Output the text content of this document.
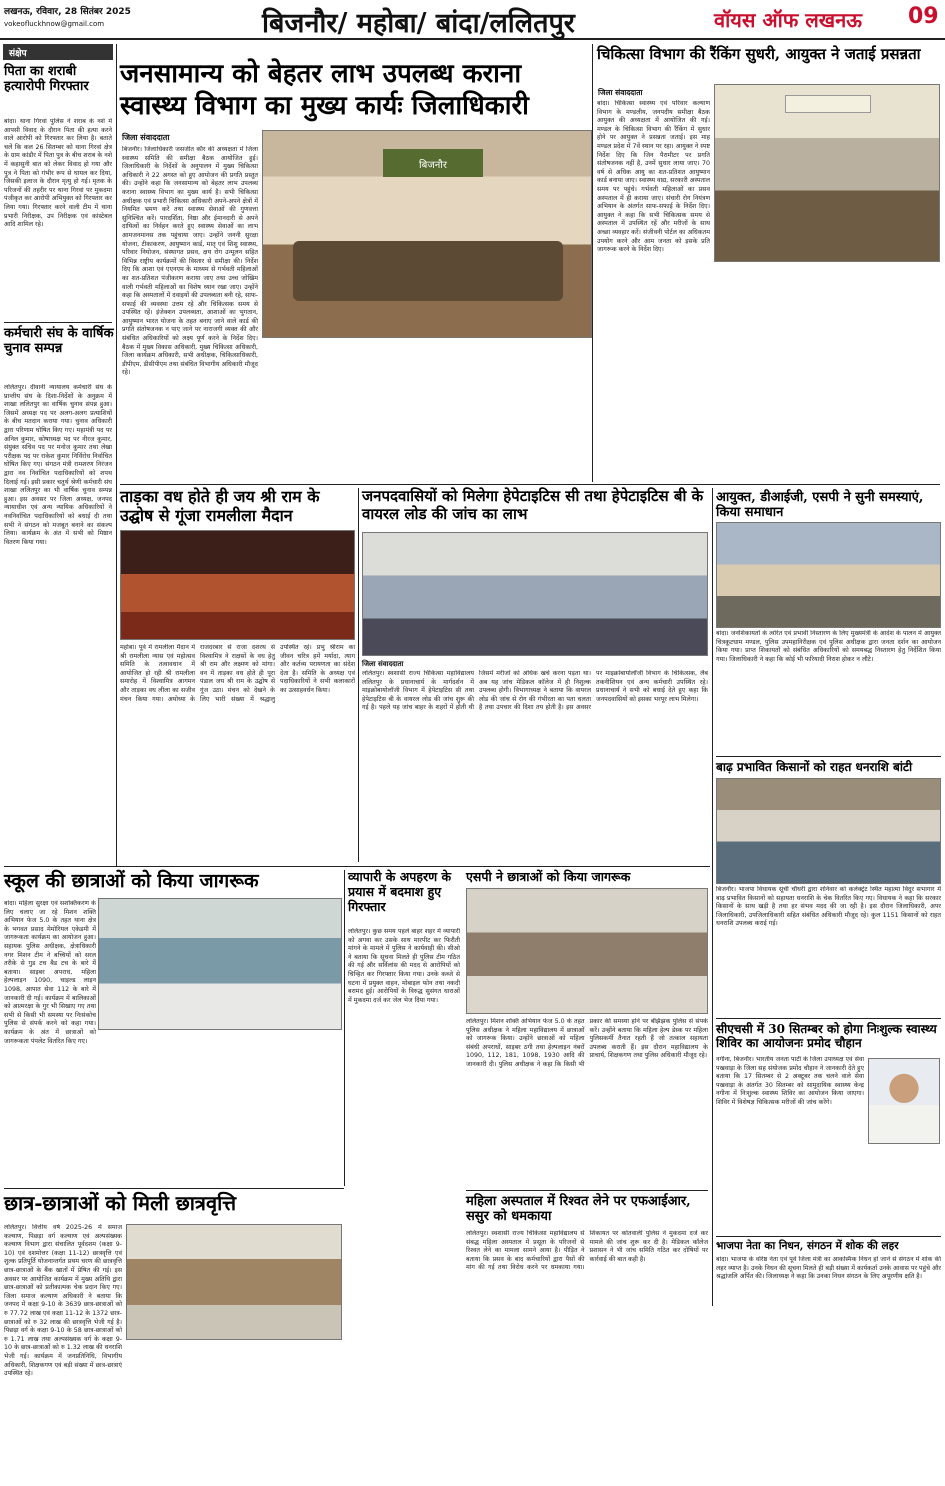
लखनऊ, रविवार, 28 सितंबर 2025
vokeofluckhnow@gmail.com	बिजनौर/ महोबा/ बांदा/ललितपुर	वॉयस ऑफ लखनऊ 09
संक्षेप
पिता का शराबी हत्यारोपी गिरफ्तार
बांदा। थाना गिरवां पुलिस ने शराब के नशे में आपसी विवाद के दौरान पिता की हत्या करने वाले आरोपी को गिरफ्तार कर लिया है। बताते चलें कि कल 26 सितम्बर को थाना गिरवां क्षेत्र के ग्राम कांडौर में पिता पुत्र के बीच शराब के नशे में कहासुनी बात को लेकर विवाद हो गया और पुत्र ने पिता को गंभीर रूप से घायल कर दिया, जिसकी इलाज के दौरान मृत्यु हो गई। मृतक के परिजनों की तहरीर पर थाना गिरवां पर मुकदमा पंजीकृत कर आरोपी अभियुक्त को गिरफ्तार कर लिया गया। गिरफ्तार करने वाली टीम में थाना प्रभारी निरीक्षक, उप निरीक्षक एवं कांस्टेबल आदि शामिल रहे।
कर्मचारी संघ के वार्षिक चुनाव सम्पन्न
ललितपुर। दीवानी न्यायालय कर्मचारी संघ के प्रान्तीय संघ के दिशा-निर्देशों के अनुक्रम में शाखा ललितपुर का वार्षिक चुनाव संपन्न हुआ। जिसमें अध्यक्ष पद पर अलग-अलग प्रत्याशियों के बीच मतदान कराया गया। चुनाव अधिकारी द्वारा परिणाम घोषित किए गए। महामंत्री पद पर अनिल कुमार, कोषाध्यक्ष पद पर नीरज कुमार, संयुक्त सचिव पद पर मनोज कुमार तथा लेखा परीक्षक पद पर राकेश कुमार निर्विरोध निर्वाचित घोषित किए गए। संगठन मंत्री रामशरण निरंजन द्वारा नव निर्वाचित पदाधिकारियों को शपथ दिलाई गई। इसी प्रकार चतुर्थ श्रेणी कर्मचारी संघ शाखा ललितपुर का भी वार्षिक चुनाव सम्पन्न हुआ। इस अवसर पर जिला अध्यक्ष, जनपद न्यायाधीश एवं अन्य न्यायिक अधिकारियों ने नवनिर्वाचित पदाधिकारियों को बधाई दी तथा सभी ने संगठन को मजबूत बनाने का संकल्प लिया। कार्यक्रम के अंत में सभी को मिष्ठान वितरण किया गया।
जनसामान्य को बेहतर लाभ उपलब्ध कराना स्वास्थ्य विभाग का मुख्य कार्यः जिलाधिकारी
जिला संवाददाता
बिजनौर
बिजनौर। जिलाधिकारी जसजीत कौर की अध्यक्षता में जिला स्वास्थ्य समिति की समीक्षा बैठक आयोजित हुई। जिलाधिकारी के निर्देशों के अनुपालन में मुख्य चिकित्सा अधिकारी ने 22 अगस्त को हुए आयोजन की प्रगति प्रस्तुत की। उन्होंने कहा कि जनसामान्य को बेहतर लाभ उपलब्ध कराना स्वास्थ्य विभाग का मुख्य कार्य है। सभी चिकित्सा अधीक्षक एवं प्रभारी चिकित्सा अधिकारी अपने-अपने क्षेत्रों में नियमित भ्रमण करें तथा स्वास्थ्य सेवाओं की गुणवत्ता सुनिश्चित करें। पारदर्शिता, निष्ठा और ईमानदारी से अपने दायित्वों का निर्वहन करते हुए स्वास्थ्य सेवाओं का लाभ आमजनमानस तक पहुंचाया जाए। उन्होंने जननी सुरक्षा योजना, टीकाकरण, आयुष्मान कार्ड, मातृ एवं शिशु स्वास्थ्य, परिवार नियोजन, संस्थागत प्रसव, क्षय रोग उन्मूलन सहित विभिन्न राष्ट्रीय कार्यक्रमों की विस्तार से समीक्षा की। निर्देश दिए कि आशा एवं एएनएम के माध्यम से गर्भवती महिलाओं का शत-प्रतिशत पंजीकरण कराया जाए तथा उच्च जोखिम वाली गर्भवती महिलाओं का विशेष ध्यान रखा जाए। उन्होंने कहा कि अस्पतालों में दवाइयों की उपलब्धता बनी रहे, साफ-सफाई की व्यवस्था उत्तम रहे और चिकित्सक समय से उपस्थित रहें। इंजेक्शन उपलब्धता, आशाओं का भुगतान, आयुष्मान भारत योजना के तहत बनाए जाने वाले कार्ड की प्रगति संतोषजनक न पाए जाने पर नाराजगी व्यक्त की और संबंधित अधिकारियों को लक्ष्य पूर्ण करने के निर्देश दिए। बैठक में मुख्य विकास अधिकारी, मुख्य चिकित्सा अधिकारी, जिला कार्यक्रम अधिकारी, सभी अधीक्षक, चिकित्साधिकारी, डीपीएम, डीसीपीएम तथा संबंधित विभागीय अधिकारी मौजूद रहे।
चिकित्सा विभाग की रैंकिंग सुधरी, आयुक्त ने जताई प्रसन्नता
जिला संवाददाता
बांदा। चिकित्सा स्वास्थ्य एवं परिवार कल्याण विभाग के मण्डलीय, जनपदीय समीक्षा बैठक आयुक्त की अध्यक्षता में आयोजित की गई। मण्डल के चिकित्सा विभाग की रैंकिंग में सुधार होने पर आयुक्त ने प्रसन्नता जताई। इस माह मण्डल प्रदेश में 7वें स्थान पर रहा। आयुक्त ने स्पष्ट निर्देश दिए कि जिन पैरामीटर पर प्रगति संतोषजनक नहीं है, उनमें सुधार लाया जाए। 70 वर्ष से अधिक आयु का शत-प्रतिशत आयुष्मान कार्ड बनाया जाए। स्वास्थ्य वाद्य, सरकारी अस्पताल समय पर पहुंचे। गर्भवती महिलाओं का प्रसव अस्पताल में ही कराया जाए। संचारी रोग नियंत्रण अभियान के अंतर्गत साफ-सफाई के निर्देश दिए। आयुक्त ने कहा कि सभी चिकित्सक समय से अस्पताल में उपस्थित रहें और मरीजों के साथ अच्छा व्यवहार करें। संजीवनी पोर्टल का अधिकतम उपयोग करने और आम जनता को इसके प्रति जागरूक करने के निर्देश दिए।
ताड़का वध होते ही जय श्री राम के उद्घोष से गूंजा रामलीला मैदान
महोबा। पूर्व में रामलीला मैदान में श्री रामलीला न्यास एवं महोत्सव समिति के तत्वावधान में आयोजित हो रही श्री रामलीला समारोह में विश्वामित्र आगमन और ताड़का वध लीला का सजीव मंचन किया गया। अयोध्या के राजदरबार से राजा दशरथ से विश्वामित्र ने राक्षसों के वध हेतु श्री राम और लक्ष्मण को मांगा। वन में ताड़का वध होते ही पूरा पंडाल जय श्री राम के उद्घोष से गूंज उठा। मंचन को देखने के लिए भारी संख्या में श्रद्धालु उपस्थित रहे। प्रभु श्रीराम का जीवन चरित्र हमें मर्यादा, त्याग और कर्तव्य परायणता का संदेश देता है। समिति के अध्यक्ष एवं पदाधिकारियों ने सभी कलाकारों का उत्साहवर्धन किया।
जनपदवासियों को मिलेगा हेपेटाइटिस सी तथा हेपेटाइटिस बी के वायरल लोड की जांच का लाभ
जिला संवाददाता
ललितपुर। स्वशासी राज्य चिकित्सा महाविद्यालय ललितपुर के प्रधानाचार्य के मार्गदर्शन में माइक्रोबायोलॉजी विभाग में हेपेटाइटिस सी तथा हेपेटाइटिस बी के वायरल लोड की जांच शुरू की गई है। पहले यह जांच बाहर के शहरों में होती थी जिसमें मरीजों को अधिक खर्च करना पड़ता था। अब यह जांच मेडिकल कॉलेज में ही निशुल्क उपलब्ध होगी। विभागाध्यक्ष ने बताया कि वायरल लोड की जांच से रोग की गंभीरता का पता चलता है तथा उपचार की दिशा तय होती है। इस अवसर पर माइक्रोबायोलॉजी विभाग के चिकित्सक, लैब तकनीशियन एवं अन्य कर्मचारी उपस्थित रहे। प्रधानाचार्य ने सभी को बधाई देते हुए कहा कि जनपदवासियों को इसका भरपूर लाभ मिलेगा।
आयुक्त, डीआईजी, एसपी ने सुनी समस्याएं, किया समाधान
बांदा। जनशिकायतों के त्वरित एवं प्रभावी निस्तारण के लिए मुख्यमंत्री के आदेश के पालन में आयुक्त चित्रकूटधाम मण्डल, पुलिस उपमहानिरीक्षक एवं पुलिस अधीक्षक द्वारा जनता दर्शन का आयोजन किया गया। प्राप्त शिकायतों को संबंधित अधिकारियों को समयबद्ध निस्तारण हेतु निर्देशित किया गया। जिलाधिकारी ने कहा कि कोई भी फरियादी निराश होकर न लौटे।
बाढ़ प्रभावित किसानों को राहत धनराशि बांटी
बिजनौर। भाजपा विधायक सूची चौधरी द्वारा शनिवार को कलेक्ट्रेट स्थित महात्मा विदुर सभागार में बाढ़ प्रभावित किसानों को सहायता धनराशि के चेक वितरित किए गए। विधायक ने कहा कि सरकार किसानों के साथ खड़ी है तथा हर संभव मदद की जा रही है। इस दौरान जिलाधिकारी, अपर जिलाधिकारी, उपजिलाधिकारी सहित संबंधित अधिकारी मौजूद रहे। कुल 1151 किसानों को राहत धनराशि उपलब्ध कराई गई।
सीएचसी में 30 सितम्बर को होगा निःशुल्क स्वास्थ्य शिविर का आयोजनः प्रमोद चौहान
नगीना, बिजनौर। भारतीय जनता पार्टी के जिला उपाध्यक्ष एवं सेवा पखवाड़ा के जिला सह संयोजक प्रमोद चौहान ने जानकारी देते हुए बताया कि 17 सितम्बर से 2 अक्टूबर तक चलने वाले सेवा पखवाड़ा के अंतर्गत 30 सितम्बर को सामुदायिक स्वास्थ्य केन्द्र नगीना में निःशुल्क स्वास्थ्य शिविर का आयोजन किया जाएगा। शिविर में विशेषज्ञ चिकित्सक मरीजों की जांच करेंगे।
भाजपा नेता का निधन, संगठन में शोक की लहर
बांदा। भाजपा के वरिष्ठ नेता एवं पूर्व जिला मंत्री का आकस्मिक निधन हो जाने से संगठन में शोक की लहर व्याप्त है। उनके निधन की सूचना मिलते ही बड़ी संख्या में कार्यकर्ता उनके आवास पर पहुंचे और श्रद्धांजलि अर्पित की। जिलाध्यक्ष ने कहा कि उनका निधन संगठन के लिए अपूरणीय क्षति है।
स्कूल की छात्राओं को किया जागरूक
बांदा। महिला सुरक्षा एवं सशक्तिकरण के लिए चलाए जा रहे मिशन शक्ति अभियान फेज 5.0 के तहत थाना क्षेत्र के भगवत प्रसाद मेमोरियल एकेडमी में जागरूकता कार्यक्रम का आयोजन हुआ। सहायक पुलिस अधीक्षक, क्षेत्राधिकारी नगर मिशन टीम ने बच्चियों को सरल तरीके से गुड टच बैड टच के बारे में बताया। साइबर अपराध, महिला हेल्पलाइन 1090, चाइल्ड लाइन 1098, आपात सेवा 112 के बारे में जानकारी दी गई। कार्यक्रम में बालिकाओं को आत्मरक्षा के गुर भी सिखाए गए तथा सभी से किसी भी समस्या पर निःसंकोच पुलिस से संपर्क करने को कहा गया। कार्यक्रम के अंत में छात्राओं को जागरूकता पंपलेट वितरित किए गए।
व्यापारी के अपहरण के प्रयास में बदमाश हुए गिरफ्तार
ललितपुर। कुछ समय पहले बाहर शहर में व्यापारी को अगवा कर उसके साथ मारपीट कर फिरौती मांगने के मामले में पुलिस ने कार्यवाही की। सीओ ने बताया कि सूचना मिलते ही पुलिस टीम गठित की गई और सर्विलांस की मदद से आरोपियों को चिन्हित कर गिरफ्तार किया गया। उनके कब्जे से घटना में प्रयुक्त वाहन, मोबाइल फोन तथा नकदी बरामद हुई। आरोपियों के विरुद्ध सुसंगत धाराओं में मुकदमा दर्ज कर जेल भेज दिया गया।
एसपी ने छात्राओं को किया जागरूक
ललितपुर। मिशन शक्ति अभियान फेज 5.0 के तहत पुलिस अधीक्षक ने महिला महाविद्यालय में छात्राओं को जागरूक किया। उन्होंने छात्राओं को महिला संबंधी अपराधों, साइबर ठगी तथा हेल्पलाइन नंबरों 1090, 112, 181, 1098, 1930 आदि की जानकारी दी। पुलिस अधीक्षक ने कहा कि किसी भी प्रकार की समस्या होने पर बेझिझक पुलिस से संपर्क करें। उन्होंने बताया कि महिला हेल्प डेस्क पर महिला पुलिसकर्मी तैनात रहती हैं जो तत्काल सहायता उपलब्ध कराती हैं। इस दौरान महाविद्यालय के प्राचार्य, शिक्षकगण तथा पुलिस अधिकारी मौजूद रहे।
महिला अस्पताल में रिश्वत लेने पर एफआईआर, ससुर को धमकाया
ललितपुर। स्वशासी राज्य चिकित्सा महाविद्यालय से संबद्ध महिला अस्पताल में प्रसूता के परिजनों से रिश्वत लेने का मामला सामने आया है। पीड़ित ने बताया कि प्रसव के बाद कर्मचारियों द्वारा पैसों की मांग की गई तथा विरोध करने पर धमकाया गया। शिकायत पर कोतवाली पुलिस ने मुकदमा दर्ज कर मामले की जांच शुरू कर दी है। मेडिकल कॉलेज प्रशासन ने भी जांच समिति गठित कर दोषियों पर कार्रवाई की बात कही है।
छात्र-छात्राओं को मिली छात्रवृत्ति
ललितपुर। वित्तीय वर्ष 2025-26 में समाज कल्याण, पिछड़ा वर्ग कल्याण एवं अल्पसंख्यक कल्याण विभाग द्वारा संचालित पूर्वदशम (कक्षा 9-10) एवं दशमोत्तर (कक्षा 11-12) छात्रवृत्ति एवं शुल्क प्रतिपूर्ति योजनान्तर्गत प्रथम चरण की छात्रवृत्ति छात्र-छात्राओं के बैंक खातों में प्रेषित की गई। इस अवसर पर आयोजित कार्यक्रम में मुख्य अतिथि द्वारा छात्र-छात्राओं को प्रतीकात्मक चेक प्रदान किए गए। जिला समाज कल्याण अधिकारी ने बताया कि जनपद में कक्षा 9-10 के 3639 छात्र-छात्राओं को रु 77.72 लाख एवं कक्षा 11-12 के 1372 छात्र-छात्राओं को रु 32 लाख की छात्रवृत्ति भेजी गई है। पिछड़ा वर्ग के कक्षा 9-10 के 58 छात्र-छात्राओं को रु 1.71 लाख तथा अल्पसंख्यक वर्ग के कक्षा 9-10 के छात्र-छात्राओं को रु 1.32 लाख की धनराशि भेजी गई। कार्यक्रम में जनप्रतिनिधि, विभागीय अधिकारी, शिक्षकगण एवं बड़ी संख्या में छात्र-छात्राएं उपस्थित रहे।
